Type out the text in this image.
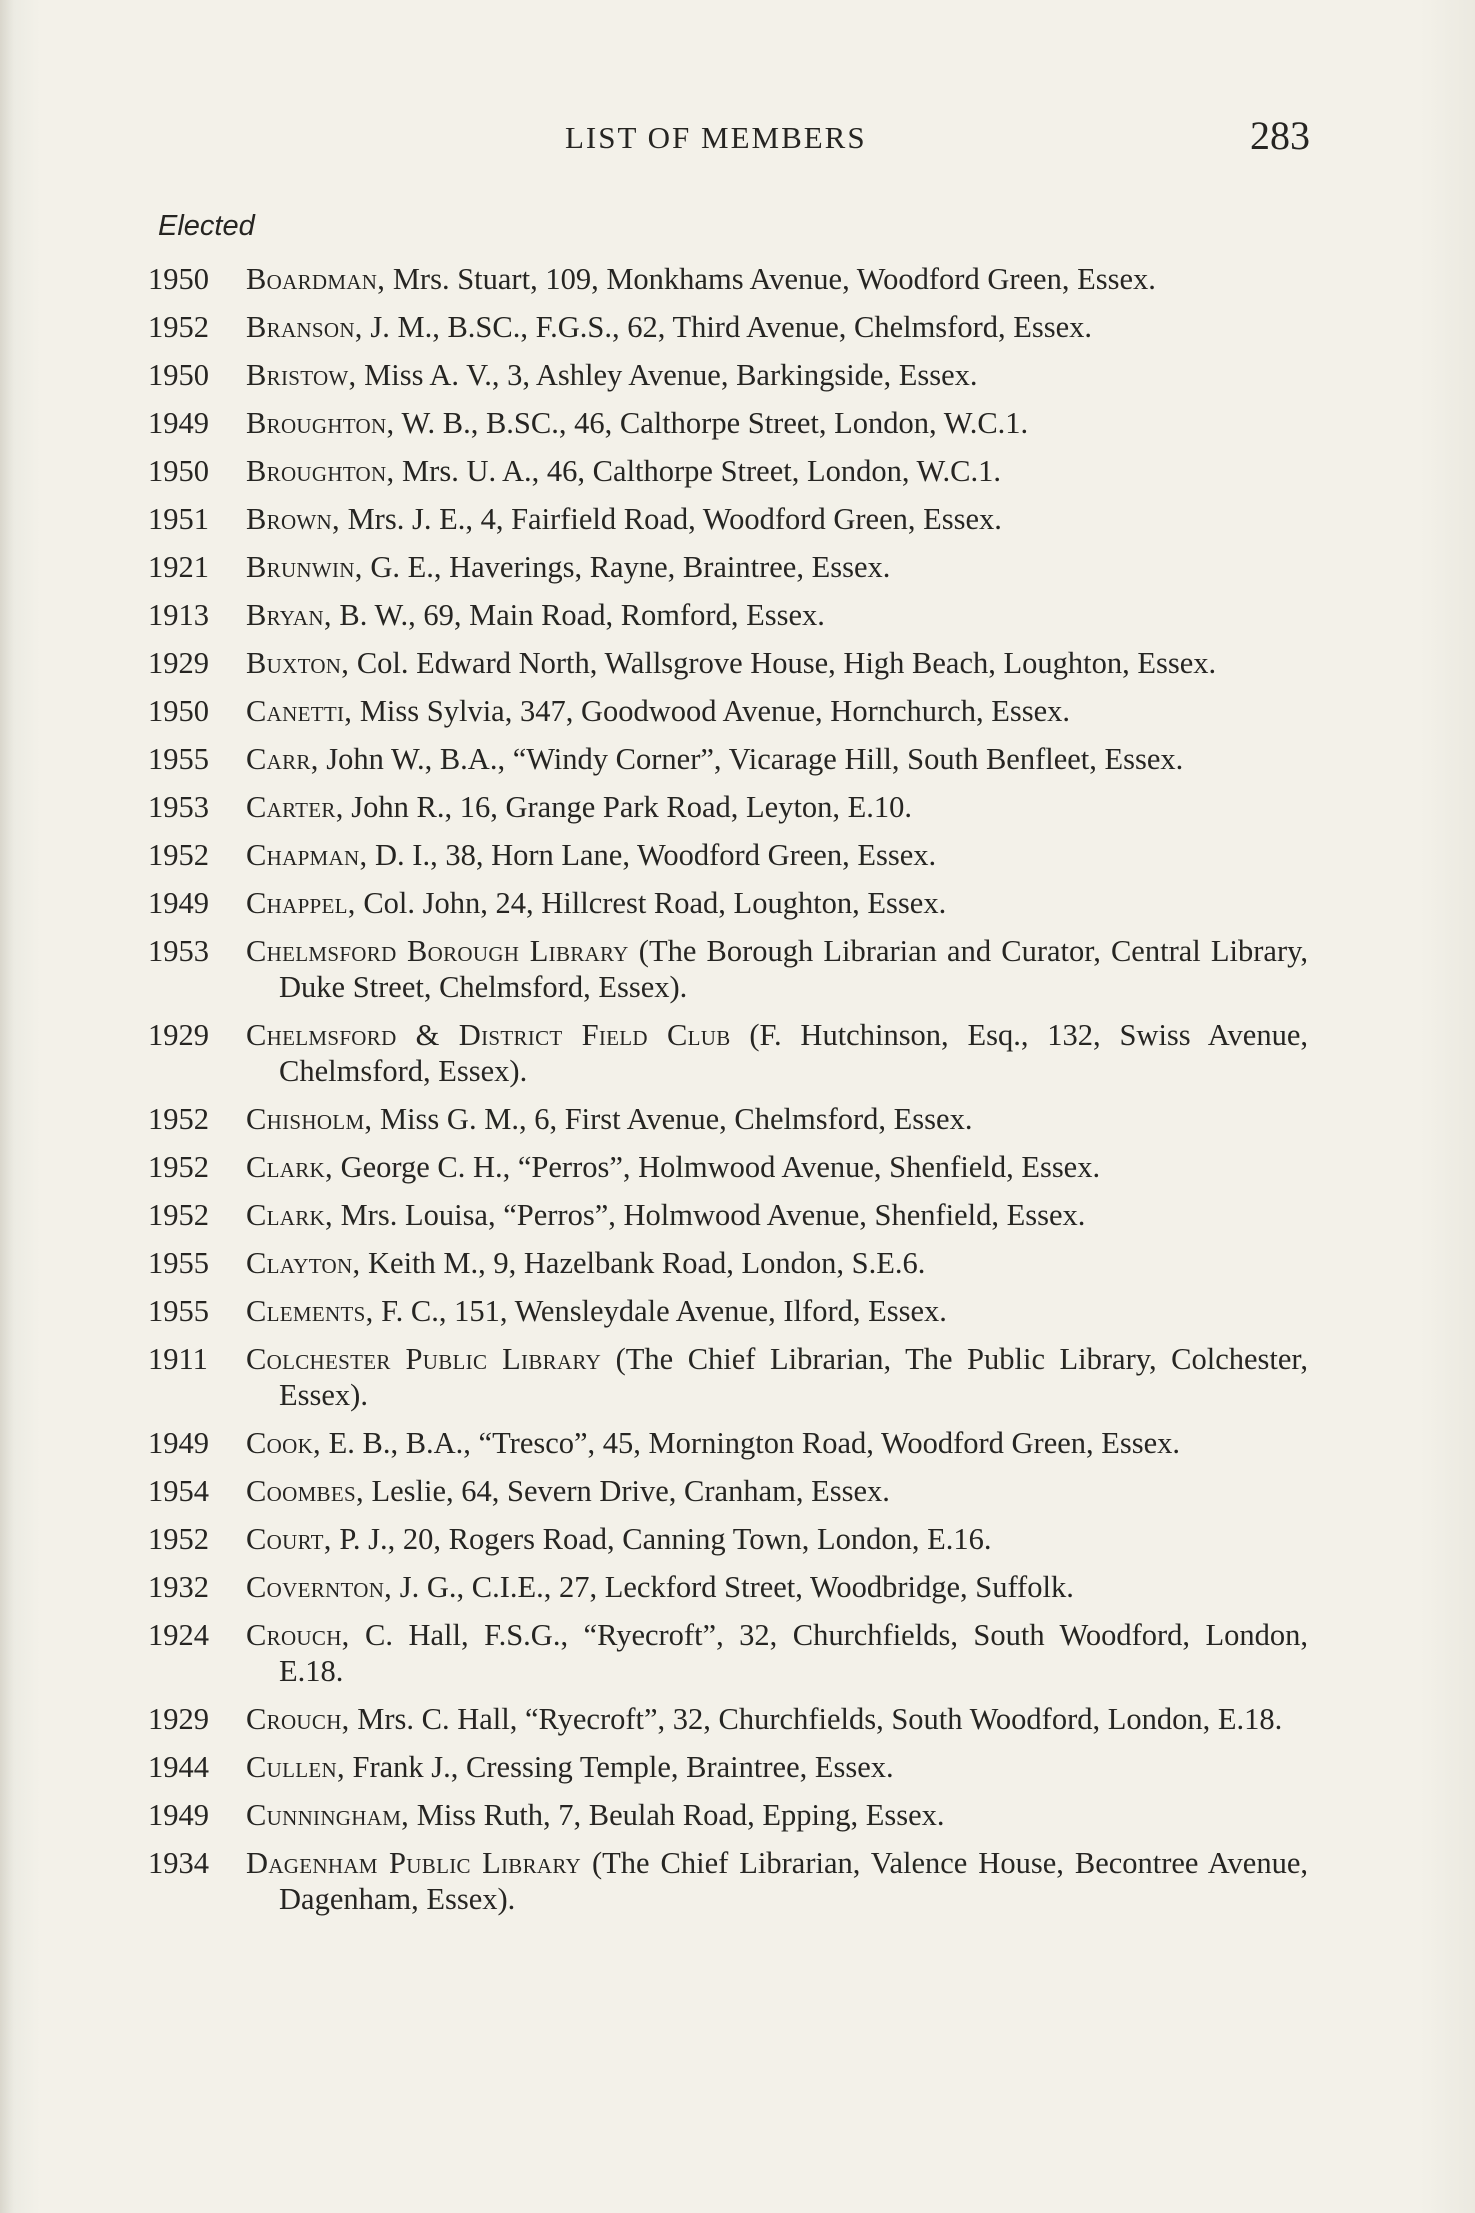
LIST OF MEMBERS	283
Elected
1950	Boardman, Mrs. Stuart, 109, Monkhams Avenue, Woodford Green, Essex.
1952	Branson, J. M., B.SC., F.G.S., 62, Third Avenue, Chelmsford, Essex.
1950	Bristow, Miss A. V., 3, Ashley Avenue, Barkingside, Essex.
1949	Broughton, W. B., B.SC., 46, Calthorpe Street, London, W.C.1.
1950	Broughton, Mrs. U. A., 46, Calthorpe Street, London, W.C.1.
1951	Brown, Mrs. J. E., 4, Fairfield Road, Woodford Green, Essex.
1921	Brunwin, G. E., Haverings, Rayne, Braintree, Essex.
1913	Bryan, B. W., 69, Main Road, Romford, Essex.
1929	Buxton, Col. Edward North, Wallsgrove House, High Beach, Loughton, Essex.
1950	Canetti, Miss Sylvia, 347, Goodwood Avenue, Hornchurch, Essex.
1955	Carr, John W., B.A., “Windy Corner”, Vicarage Hill, South Benfleet, Essex.
1953	Carter, John R., 16, Grange Park Road, Leyton, E.10.
1952	Chapman, D. I., 38, Horn Lane, Woodford Green, Essex.
1949	Chappel, Col. John, 24, Hillcrest Road, Loughton, Essex.
1953	Chelmsford Borough Library (The Borough Librarian and Curator, Central Library, Duke Street, Chelmsford, Essex).
1929	Chelmsford & District Field Club (F. Hutchinson, Esq., 132, Swiss Avenue, Chelmsford, Essex).
1952	Chisholm, Miss G. M., 6, First Avenue, Chelmsford, Essex.
1952	Clark, George C. H., “Perros”, Holmwood Avenue, Shenfield, Essex.
1952	Clark, Mrs. Louisa, “Perros”, Holmwood Avenue, Shenfield, Essex.
1955	Clayton, Keith M., 9, Hazelbank Road, London, S.E.6.
1955	Clements, F. C., 151, Wensleydale Avenue, Ilford, Essex.
1911	Colchester Public Library (The Chief Librarian, The Public Library, Colchester, Essex).
1949	Cook, E. B., B.A., “Tresco”, 45, Mornington Road, Woodford Green, Essex.
1954	Coombes, Leslie, 64, Severn Drive, Cranham, Essex.
1952	Court, P. J., 20, Rogers Road, Canning Town, London, E.16.
1932	Covernton, J. G., C.I.E., 27, Leckford Street, Woodbridge, Suffolk.
1924	Crouch, C. Hall, F.S.G., “Ryecroft”, 32, Churchfields, South Woodford, London, E.18.
1929	Crouch, Mrs. C. Hall, “Ryecroft”, 32, Churchfields, South Woodford, London, E.18.
1944	Cullen, Frank J., Cressing Temple, Braintree, Essex.
1949	Cunningham, Miss Ruth, 7, Beulah Road, Epping, Essex.
1934	Dagenham Public Library (The Chief Librarian, Valence House, Becontree Avenue, Dagenham, Essex).
